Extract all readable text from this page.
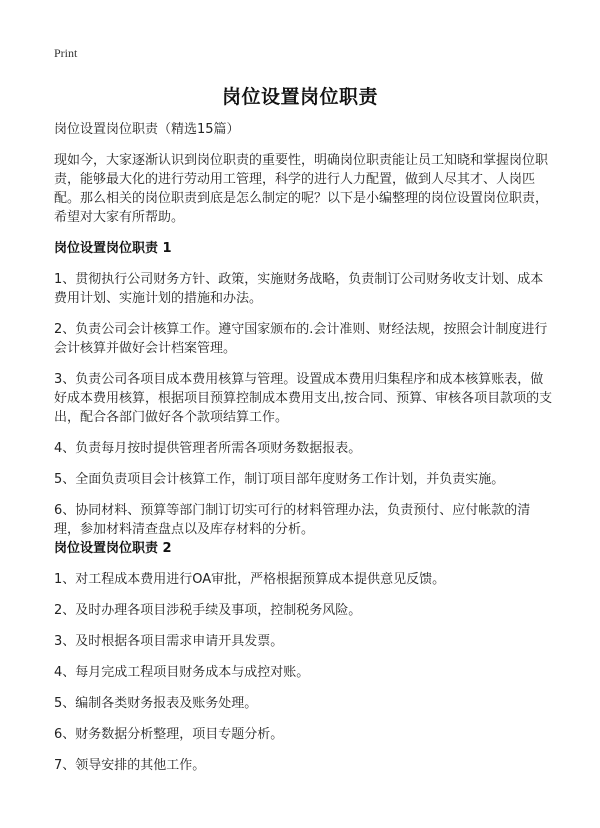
Print
岗位设置岗位职责

岗位设置岗位职责（精选15篇）

现如今，大家逐渐认识到岗位职责的重要性，明确岗位职责能让员工知晓和掌握岗位职责，能够最大化的进行劳动用工管理，科学的进行人力配置，做到人尽其才、人岗匹配。那么相关的岗位职责到底是怎么制定的呢？以下是小编整理的岗位设置岗位职责，希望对大家有所帮助。

岗位设置岗位职责 1

1、贯彻执行公司财务方针、政策，实施财务战略，负责制订公司财务收支计划、成本费用计划、实施计划的措施和办法。

2、负责公司会计核算工作。遵守国家颁布的.会计准则、财经法规，按照会计制度进行会计核算并做好会计档案管理。

3、负责公司各项目成本费用核算与管理。设置成本费用归集程序和成本核算账表，做好成本费用核算，根据项目预算控制成本费用支出,按合同、预算、审核各项目款项的支出，配合各部门做好各个款项结算工作。

4、负责每月按时提供管理者所需各项财务数据报表。

5、全面负责项目会计核算工作，制订项目部年度财务工作计划，并负责实施。

6、协同材料、预算等部门制订切实可行的材料管理办法，负责预付、应付帐款的清理，参加材料清查盘点以及库存材料的分析。

岗位设置岗位职责 2

1、对工程成本费用进行OA审批，严格根据预算成本提供意见反馈。

2、及时办理各项目涉税手续及事项，控制税务风险。

3、及时根据各项目需求申请开具发票。

4、每月完成工程项目财务成本与成控对账。

5、编制各类财务报表及账务处理。

6、财务数据分析整理，项目专题分析。

7、领导安排的其他工作。
